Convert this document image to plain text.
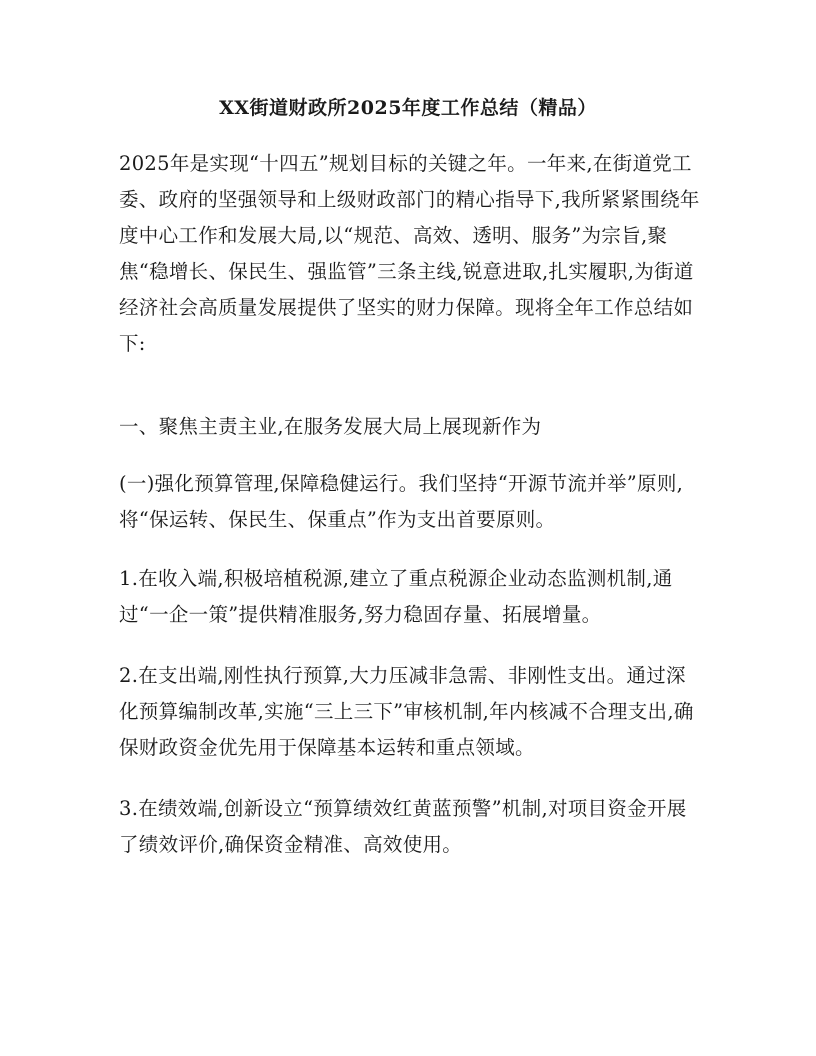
XX街道财政所2025年度工作总结（精品）

2025年是实现“十四五”规划目标的关键之年。一年来,在街道党工委、政府的坚强领导和上级财政部门的精心指导下,我所紧紧围绕年度中心工作和发展大局,以“规范、高效、透明、服务”为宗旨,聚焦“稳增长、保民生、强监管”三条主线,锐意进取,扎实履职,为街道经济社会高质量发展提供了坚实的财力保障。现将全年工作总结如下:

一、聚焦主责主业,在服务发展大局上展现新作为

(一)强化预算管理,保障稳健运行。我们坚持“开源节流并举”原则,将“保运转、保民生、保重点”作为支出首要原则。

1.在收入端,积极培植税源,建立了重点税源企业动态监测机制,通过“一企一策”提供精准服务,努力稳固存量、拓展增量。

2.在支出端,刚性执行预算,大力压减非急需、非刚性支出。通过深化预算编制改革,实施“三上三下”审核机制,年内核减不合理支出,确保财政资金优先用于保障基本运转和重点领域。

3.在绩效端,创新设立“预算绩效红黄蓝预警”机制,对项目资金开展了绩效评价,确保资金精准、高效使用。
